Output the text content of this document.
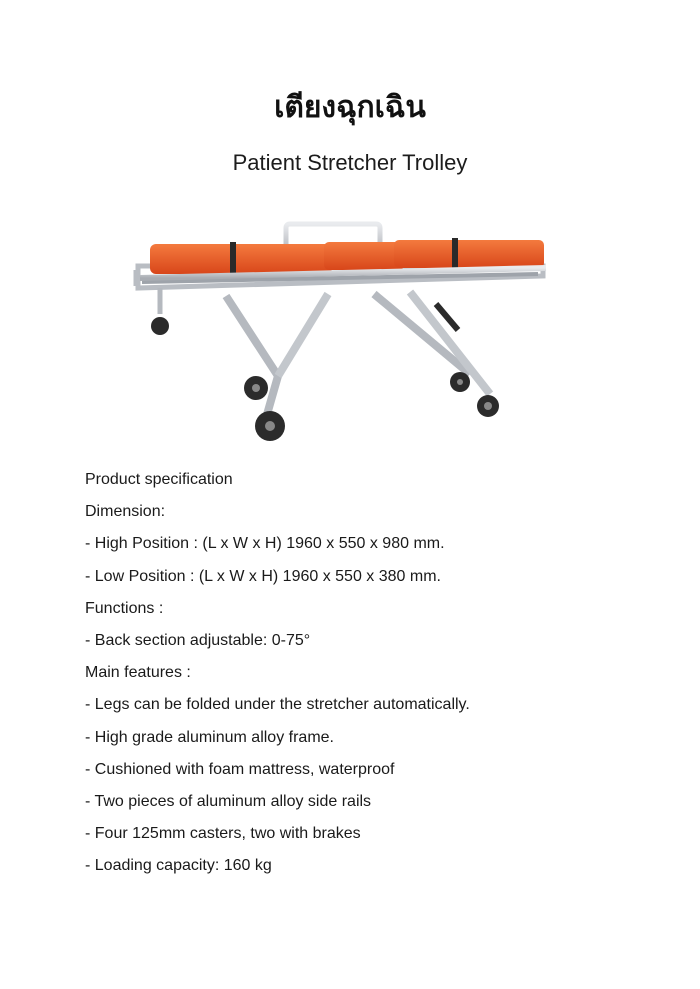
เตียงฉุกเฉิน
Patient Stretcher Trolley
Product specification
Dimension:
- High Position : (L x W x H) 1960 x 550 x 980 mm.
- Low Position : (L x W x H) 1960 x 550 x 380 mm.
Functions :
- Back section adjustable: 0-75°
Main features :
- Legs can be folded under the stretcher automatically.
- High grade aluminum alloy frame.
- Cushioned with foam mattress, waterproof
- Two pieces of aluminum alloy side rails
- Four 125mm casters, two with brakes
- Loading capacity: 160 kg
